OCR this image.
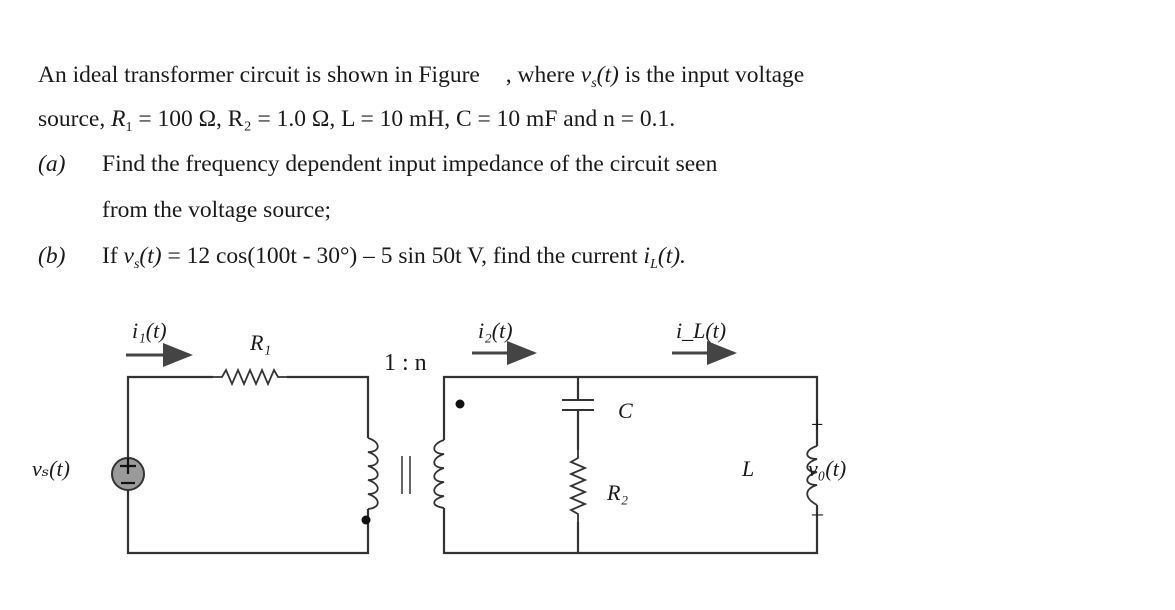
An ideal transformer circuit is shown in Figure , where $v_s(t)$ is the input voltage
source, $R_1 = 100$ Ω, R₂ = 1.0 Ω, L = 10 mH, C = 10 mF and n = 0.1.
(a) Find the frequency dependent input impedance of the circuit seen
from the voltage source;
(b) If $v_s(t) = 12$ cos(100t - 30°) – 5 sin 50t V, find the current $i_L(t)$.
i₁(t)	R₁
1 : n
i₂(t)	i_L(t)
C
R₂
L
vₛ(t)	v₀(t)
+
–
